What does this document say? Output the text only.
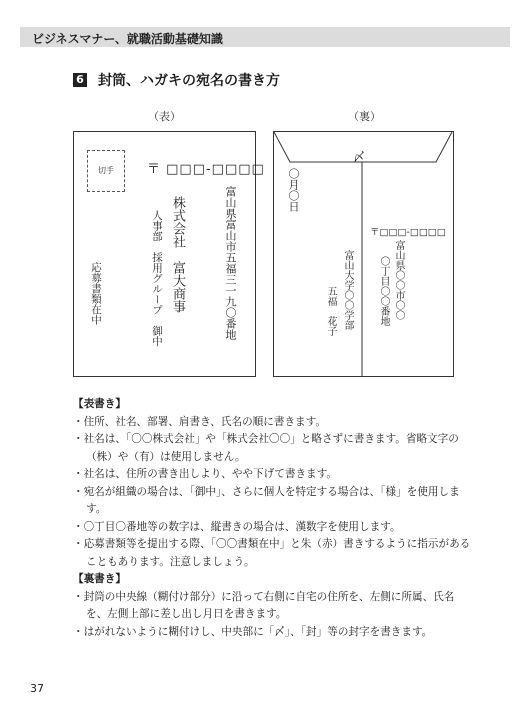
ビジネスマナー、就職活動基礎知識
6 封筒、ハガキの宛名の書き方
（表）
切手	〒 □□□-□□□□
富山県富山市五福三一九〇番地
株式会社　富大商事
人事部　採用グループ　御中
応募書類在中
（裏）
〆
〇月〇日
〒□□□-□□□□
富山県〇〇市〇〇
〇丁目〇〇番地
富山大学〇〇学部
五福　花子
【表書き】
・住所、社名、部署、肩書き、氏名の順に書きます。
・社名は、「〇〇株式会社」や「株式会社〇〇」と略さずに書きます。省略文字の（株）や（有）は使用しません。
・社名は、住所の書き出しより、やや下げて書きます。
・宛名が組織の場合は、「御中」、さらに個人を特定する場合は、「様」を使用します。
・〇丁目〇番地等の数字は、縦書きの場合は、漢数字を使用します。
・応募書類等を提出する際、「〇〇書類在中」と朱（赤）書きするように指示があることもあります。注意しましょう。
【裏書き】
・封筒の中央線（糊付け部分）に沿って右側に自宅の住所を、左側に所属、氏名を、左側上部に差し出し月日を書きます。
・はがれないように糊付けし、中央部に「〆」、「封」等の封字を書きます。
37
